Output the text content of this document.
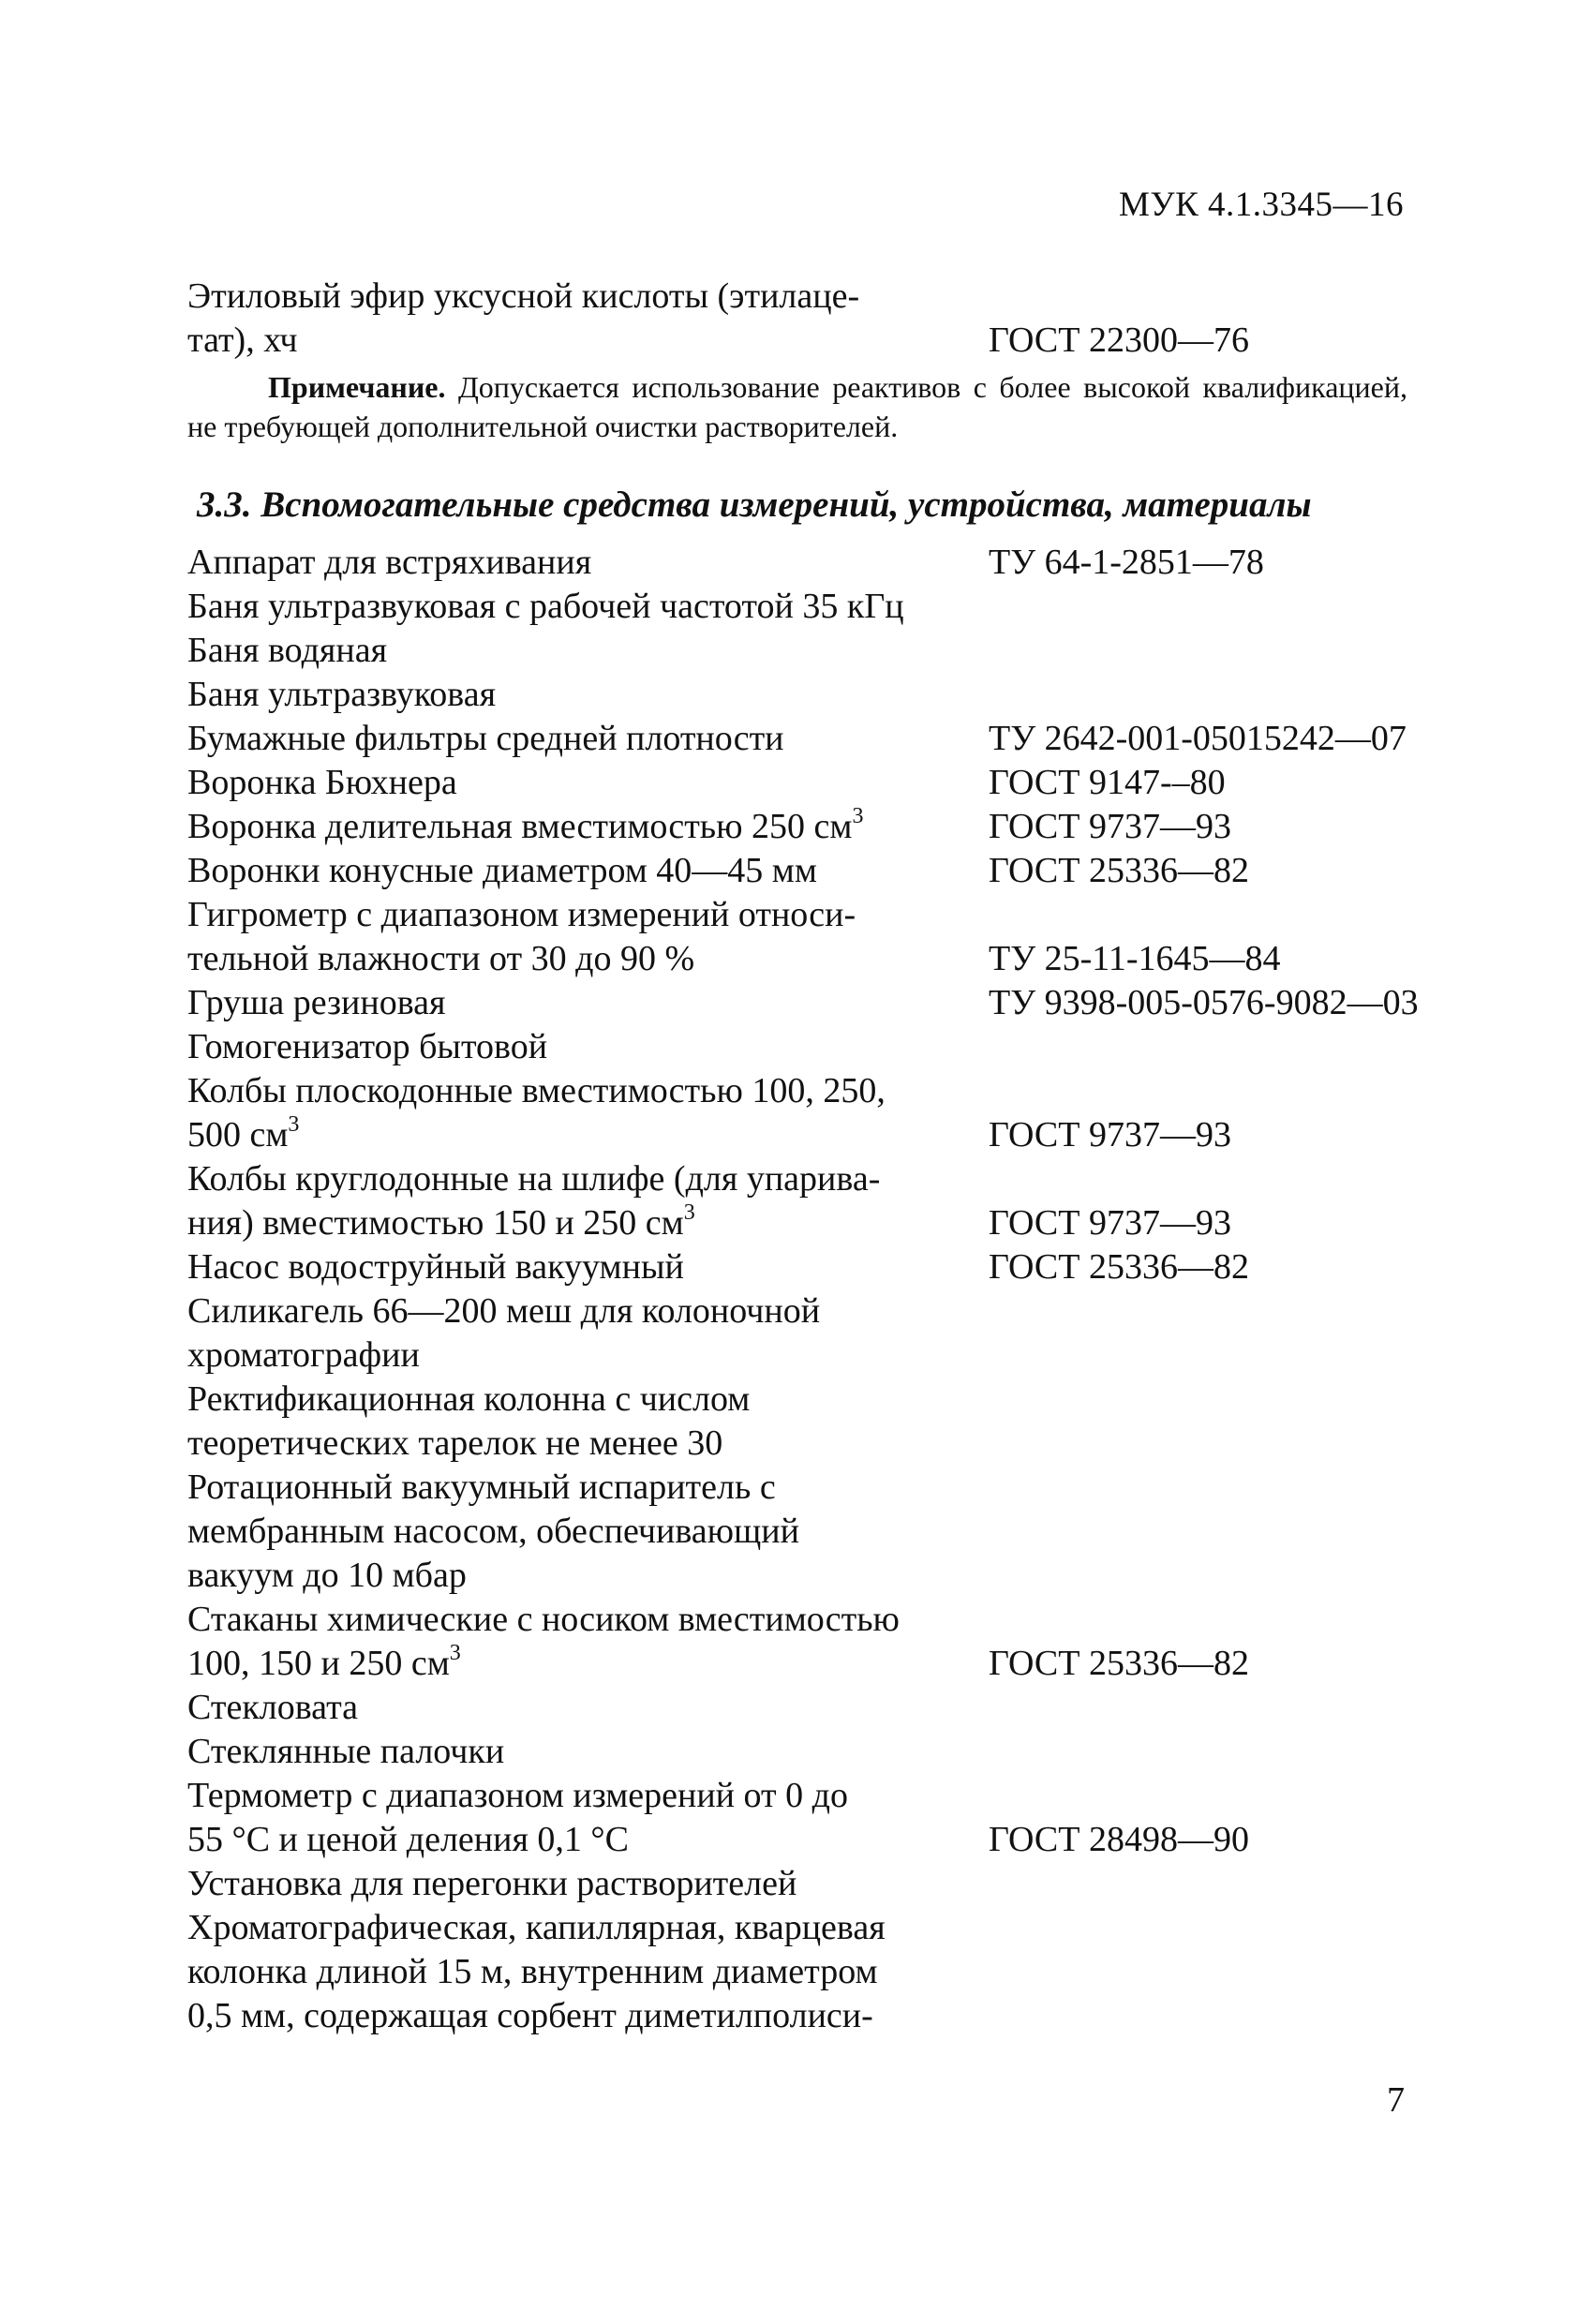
МУК 4.1.3345—16
Этиловый эфир уксусной кислоты (этилаце-
тат), хч	ГОСТ 22300—76
Примечание. Допускается использование реактивов с более высокой квалификацией, не требующей дополнительной очистки растворителей.
3.3. Вспомогательные средства измерений, устройства, материалы
Аппарат для встряхивания	ТУ 64-1-2851—78
Баня ультразвуковая с рабочей частотой 35 кГц
Баня водяная
Баня ультразвуковая
Бумажные фильтры средней плотности	ТУ 2642-001-05015242—07
Воронка Бюхнера	ГОСТ 9147-–80
Воронка делительная вместимостью 250 $см^3$	ГОСТ 9737—93
Воронки конусные диаметром 40—45 мм	ГОСТ 25336—82
Гигрометр с диапазоном измерений относи-
тельной влажности от 30 до 90 %	ТУ 25-11-1645—84
Груша резиновая	ТУ 9398-005-0576-9082—03
Гомогенизатор бытовой
Колбы плоскодонные вместимостью 100, 250,
500 $см^3$	ГОСТ 9737—93
Колбы круглодонные на шлифе (для упарива-
ния) вместимостью 150 и 250 $см^3$	ГОСТ 9737—93
Насос водоструйный вакуумный	ГОСТ 25336—82
Силикагель 66—200 меш для колоночной
хроматографии
Ректификационная колонна с числом
теоретических тарелок не менее 30
Ротационный вакуумный испаритель с
мембранным насосом, обеспечивающий
вакуум до 10 мбар
Стаканы химические с носиком вместимостью
100, 150 и 250 $см^3$	ГОСТ 25336—82
Стекловата
Стеклянные палочки
Термометр с диапазоном измерений от 0 до
55 °С и ценой деления 0,1 °С	ГОСТ 28498—90
Установка для перегонки растворителей
Хроматографическая, капиллярная, кварцевая
колонка длиной 15 м, внутренним диаметром
0,5 мм, содержащая сорбент диметилполиси-
7
